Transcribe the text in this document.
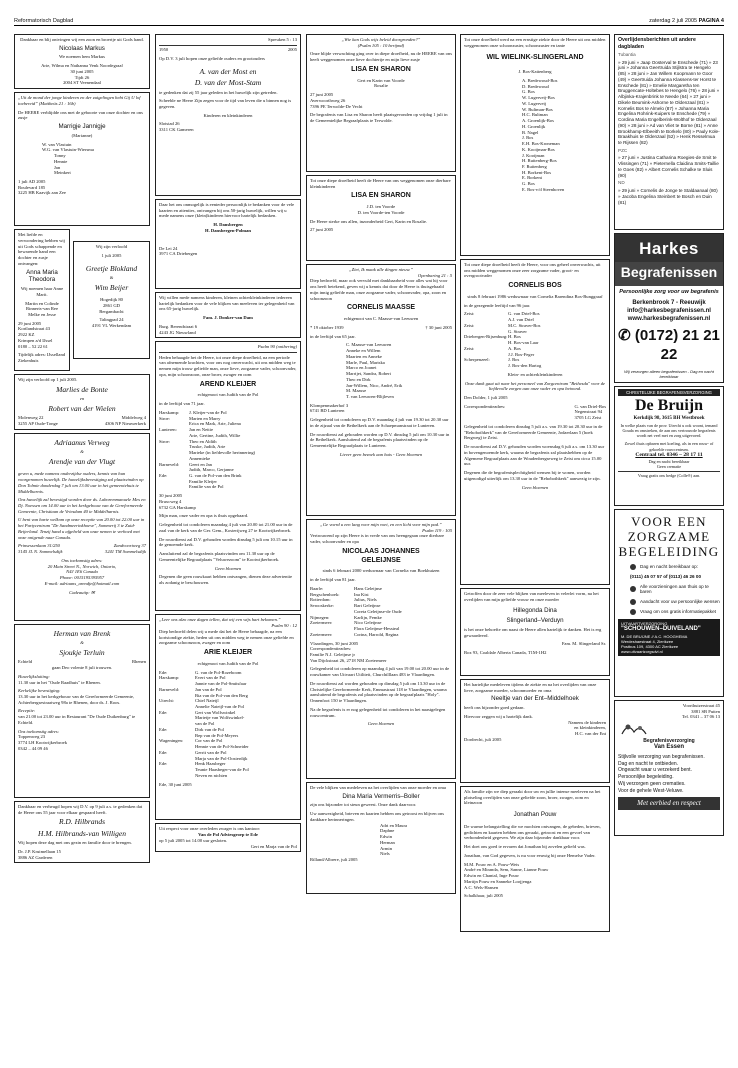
Reformatorisch Dagblad	zaterdag 2 juli 2005 PAGINA 4

Dankbaar en blij ontvingen wij een zoon en broertje uit Gods hand.

Nicolaas Markus

We noemen hem Markus

Arie, Wilma en Nathanna Venk Noordegraaf

30 juni 2005

Tijdt 26

2004 ST Veenendaal

„Uit de mond der jonge kinderen en der zuigelingen hebt Gij U lof toebereid” (Mattheüs 21 : 16b)

De HEERE verblijdde ons met de geboorte van onze dochter en ons zusje

Marrigje Jannigje

(Marianne)

W. van Vlastuin
W.G. van Vlastuin-Wiersma

Tonny
Hennie
Jan
Meinkert

1 juli AD 2005

Boulevard 185
3225 HB Kaavijk aan Zee

Met liefde en verwondering hebben wij uit Gods schappende en bewarende hand een dochter en zusje ontvangen:

Anna Maria Theodora

Wij noemen haar Anne Marit.

Martin en Colinde Rinnerts-van Ree
Melke en Jesse

29 juni 2005

Kortlandstraat 43
2922 KZ
Krimpen a/d IJssel
0180 – 52 22 61

Tijdelijk adres: IJsselland Ziekenhuis

Wij zijn verloofd

1 juli 2005

Greetje Blokland

&

Wim Beijer

Hogedijk 80
2861 GD
Bergambacht

Talingpad 24
4191 VL Werkendam

Wij zijn verloofd op 1 juli 2005.

Marlies de Bonte

en

Robert van der Wielen

Molenweg 22
3255 AP Oude-Tonge

Middelweg 4
4306 NP Nieuwerkerk

Adriaanus Verweg

&

Arendje van der Vlugt

geven u, mede namens onderzijdse ouders, kennis van hun voorgenomen huwelijk. De huwelijksbevestiging zal plaatsvinden op Don Tolmie donderdag 7 juli om 13.00 uur in het gemeentehuis te Middelharnis.

Ons huwelijk zal bevestigd worden door ds. Laboremmanuele Mes en Dj. Noessen om 14.00 uur in het kerkgebouw van de Gereformeerde Gemeente, Christiaan de Vriesdam 40 te Middelharnis.

U bent van harte welkom op onze receptie van 20.00 tot 22.00 uur in het Partycentrum "De Sandmeerinkhoeve", Sommerij 3 te Zuid-Beijerland. Tenzij hand u afgebeld van onze nemen te verhoed met onze onigende naar Canada.

Prinsessenlaan 31/250
3145 JL N. Sommelsdijk

Zandvoortweg 37
3241 TM Sommelsdijk

Ons toekomstig adres:

20 Main Street N., Norwich, Ontario,
N4J 1E6 Canada
Phone: 0015195395957
E-mail: adriaans_arendje@hotmail.com

Cadeautip: ✉

Herman van Brenk

&

Sjoukje Terluin

Echteld	Rhenen

gaan Deo volente 8 juli trouwen.

Huwelijksluiting:

11.30 uur in het "Oude Raadhuis" te Rhenen.

Kerkelijke bevestiging:

13.30 uur in het kerkgebouw van de Gereformeerde Gemeente, Achterbergsestraatweg 98a te Rhenen, door ds. J. Roos.

Receptie:

van 21.00 tot 23.00 uur in Restaurant "De Oude Duikenburg" te Echteld.

Ons toekomstig adres:

Toppenweg 23
3774 LH Kootwijkerbroek
0342 – 44 09 46

Dankbaar en verheugd hopen wij D.V. op 9 juli a.s. te gedenken dat de Heere ons 55 jaar voor elkaar gespaard heeft.

R.D. Hilbrands

H.M. Hilbrands-van Willigen

Wij hopen deze dag met ons gezin en familie door te brengen.

Dr. J.P. Kruimellaan 15
3886 AZ Garderen

Spreuken 5 : 13

1950	2005

Op D.V. 3 juli hopen onze geliefde ouders en grootouders

A. van der Most en

D. van der Most-Stam

te gedenken dat zij 55 jaar geleden in het huwelijk zijn getreden.

Scheeble ne Heere Zijn zegen voor de tijd van leven die u binnen nog is gegeven.

Kinderen en kleinkinderen

Slotstad 26
3311 CK Gameren

Daar het ons onmogelijk is eenieder persoonlijk te bedanken voor de vele kaarten en attenties, ontvangen bij ons 50-jarig huwelijk, willen wij u mede namens onze (klein)kinderen hiervoor hartelijk bedanken.

H. Dansbergen

H. Dansbergen-Polman

De Lei 24
3971 CA Driebergen

Wij willen mede namens kinderen, kleinen achterkleinkinderen iedereen hartelijk bedanken voor de vele blijken van meeleven ter gelegenheid van ons 65-jarig huwelijk.

Fam. J. Donker-van Dam

Burg. Berendstraat 6
4243 JG Nieuwland

Psalm 90 (ontbering)

Heden behaagde het de Heere, tot onze diepe droefheid, na een periode van afnemende krachten, voor ons nog onverwacht, uit ons midden weg te nemen mijn trouw geliefde man, onze lieve, zorgzame vader, schoonvader, opa, mijn schoonzoon, onze broer, zwager en oom

AREND KLEIJER

echtgenoot van Judith van de Pol

in de leeftijd van 71 jaar.

Harskamp:	J. Kleijer-van de Pol
Stroe:	Marten en Marry
Erica en Mark, Arie, Juliena
Lunteren:	Jan en Nettie
Arie, Gertine, Judith, Willie
Stroe:	Theo en Aldith
Truske, Judith, Arie
Marieke (in liefdevolle herinnering)
Annemieke
Barneveld:	Geert en Jan
Judith, Marco, Gerjanne
Ede:	G. van de Pol-van den Brink
Familie Kleijer
Familie van de Pol

30 juni 2005

Bruxcweg 4
6732 GA Harskamp

Mijn man, onze vader en opa is thuis opgebaard.

Gelegenheid tot condoleren maandag 4 juli van 20.00 tot 21.00 uur in de zaal van de kerk van de Ger. Gem., Kosterijweg 27 te Kootwijkerbroek.

De rouwdienst zal D.V. gehouden worden dinsdag 5 juli om 10.15 uur in de genoemde kerk.

Aansluitend zal de begrafenis plaatsvinden om 11.30 uur op de Gemeentelijke Begraafplaats "Veluwezoom" te Kootwijkerbroek.

Geen bloemen

Degenen die geen rouwkaart hebben ontvangen, dienen deze advertentie als zodanig te beschouwen.

„Leer ons alzo onze dagen tellen, dat wij een wijs hart bekomen.”

Psalm 90 : 12

Diep bedroefd delen wij u mede dat het de Heere behaagde, na een kortstondige ziekte, heden uit ons midden weg te nemen onze geliefde en zorgzame schoonzoon, zwager en oom

ARIE KLEIJER

echtgenoot van Judith van de Pol

Ede:	G. van de Pol-Rozeboom
Harskamp:	Evert van de Pol
Jannie van de Pol-Smitsfaar
Barneveld:	Jan van de Pol
Bia van de Pol-van den Berg
Utrecht:	Chiel Nateijl
Annelie Nateijl-van de Pol
Ede:	Gert van Wolfswinkel
Marietje van Wolfswinkel-
van de Pol
Ede:	Dirk van de Pol
Bep van de Pol-Meyers
Wageningen:	Cor van de Pol
Hennie van de Pol-Schneider
Ede:	Gerrit van de Pol
Marja van de Pol-Oosterdijk
Ede:	Henk Haasbeger
Teunie Haasbeger-van de Pol
Neven en nichten

Ede, 30 juni 2005

Uit respect voor onze overleden zwager is ons kantoor:

Van de Pol Adviesgroep te Ede

op 5 juli 2005 tot 14.00 uur gesloten.

Gert en Marja van de Pol

„Wie kan Gods wijs beleid doorgronden?”

(Psalm 105 : 10 berijmd)

Onze blijde verwachting ging over in diepe droefheid, nu de HEERE van ons heeft weggenomen onze lieve dochtertje en mijn lieve zusje

LISA EN SHARON

Gert en Karin van Voorde
Rosalie

27 juni 2005

Averwoorthweg 26
7396 PE Terwolde-De Vecht

De begrafenis van Lisa en Sharon heeft plaatsgevonden op vrijdag 1 juli in de Gemeentelijke Begraafplaats te Terwolde.

Tot onze diepe droefheid heeft de Heere van ons weggenomen onze dierbare kleinkinderen

LISA EN SHARON

J.D. ten Voorde
D. ten Voorde-ten Voorde

De Heere sterke ons allen, inzonderheid Gert, Karin en Rosalie.

27 juni 2005

„Ziet, Ik maak alle dingen nieuw.”

Openbaring 21 : 5

Diep bedroefd, maar ook vervuld met dankbaarheid voor alles wat hij voor ons heeft betekend, geven wij u kennis dat door de Heere is thuisgehaald mijn innig geliefde man, onze zorgzame vader, schoonvader, opa, zoon en schoonzoon

CORNELIS MAASSE

echtgenoot van C. Maasse-van Leeuwen

* 19 oktober 1939	† 30 juni 2005

in de leeftijd van 65 jaar.

C. Maasse-van Leeuwen
Anneke en Willem
Maarten en Anneke
Marle, Paul, Mariska
Marco en Joanet
Marrijet, Sandra, Robert
Theo en Dirk
Jan-Willem, Nico, André, Erik
M. Maasse
T. van Leeuwen-Blijleven

Klompenmakerhof 3
6741 BD Lunteren

Gelegenheid tot condoleren op D.V. maandag 4 juli van 19.30 tot 20.30 uur in de zijzaal van de Bethelkerk aan de Schaepmanstraat te Lunteren.

De rouwdienst zal gehouden worden op D.V. dinsdag 5 juli om 10.30 uur in de Bethelkerk. Aansluitend zal de begrafenis plaatsvinden op de Gemeentelijke Begraafplaats te Lunteren.

Liever geen bezoek aan huis - Geen bloemen

„Ge voerd u een lang voor mijn voet, en een licht voor mijn pad.”

Psalm 119 : 105

Vertrouwend op zijn Heere is in vrede van ons heengegaan onze dierbare vader, schoonvader en opa

NICOLAAS JOHANNES

GELEIJNSE

sinds 6 februari 2000 weduwnaar van Cornelia van Boekhuizen

in de leeftijd van 81 jaar.

Baarle:	Hans Geleijnse
Bergschenhoek:	Ina Kist
Rotterdam:	Julius, Niels
Serooskerke:	Bart Geleijnse
Coreta Geleijnse-de Oude
Nijmegen:	Karlijn, Femke
Zoetermeer:	Nico Geleijnse
Flora Geleijnse-Hessteal
Zoetermeer:	Corina, Harrold, Regina

Vlaardingen, 30 juni 2005

Correspondentieadres:
Familie N.J. Geleijnse jr
Van Dijckstraat 26, 2718 NM Zoetermeer

Gelegenheid tot condoleren op maandag 4 juli van 19.00 tot 20.00 uur in de rouwkamer van Uitvaart Utiliteit, Churchilllaan 483 te Vlaardingen.

De rouwdienst zal worden gehouden op dinsdag 5 juli om 13.30 uur in de Christelijke Gereformeerde Kerk, Emmastraat 118 te Vlaardingen, waarna aansluitend de begrafenis zal plaatsvinden op de begraafplaats "Holy". Onnenfoot 150 te Vlaardingen.

Na de begrafenis is er nog gelegenheid tot condoleren in het naastgelegen rouwcentrum.

Geen bloemen

De vele blijken van medeleven na het overlijden van onze moeder en oma

Dina Maria Vermerris–Boller

zijn ons bijzonder tot steun geweest. Onze dank daarvoor.

Uw aanwezigheid, brieven en kaarten hebben ons getroost en blijven ons dankbare herinneringen.

Adri en Maura
Daphne
Edwin
Herman
Armin
Niels

Rilland/Albrere, juli 2005

Tot onze droefheid werd na een ernstige ziekte door de Heere uit ons midden weggenomen onze schoonzuster, schoonzuster en tante

WIL WIELINK-SLINGERLAND

J. Bos-Kattenberg

A. Bredewoud-Bos
D. Bredewoud
G. Bos
W. Lugerveij-Bos
W. Lugerveij
W. Bultman-Bos
H.C. Bultman
A. Groenlijk-Bos
H. Groenlijk
B. Nagel
J. Bos
E.H. Bos-Kroneman
K. Kooijman-Bos
J. Kooijman
H. Ruitenberg-Bos
F. Ruitenberg
H. Borkent-Bos
E. Borkent
G. Bos
E. Bos-v/d Steenhoven

Tot onze diepe droefheid heeft de Heere, voor ons geheel onverwachts, uit ons midden weggenomen onze zeer zorgzame vader, groot- en overgrootvader

CORNELIS BOS

sinds 8 februari 1986 weduwnaar van Cornelia Barendina Bos-Bunggraaf

in de gezegende leeftijd van 96 jaar.

Zeist:	G. van Driel-Bos
A.J. van Driel
Zeist:	M.C. Straver-Bos
G. Straver
Driebergen-Rijsenburg: H. Bos
H. Bos-van Laar
Zeist:	A. Bos
J.J. Bos-Feger
Scherpenzeel:	J. Bos
J. Bos-den Hartog

Klein- en achterkleinkinderen

Onze dank gaat uit naar het personeel van Zorgcentrum "Bethesda" voor de liefdevolle zorgen aan onze vader en opa betoond.

Den Dolder, 1 juli 2005

Correspondentieadres:	G. van Driel-Bos
Negenstraat 94
3705 LG Zeist

Gelegenheid tot condoleren dinsdag 5 juli a.s. van 19.30 tot 20.30 uur in de "Rehobothkerk" van de Gereformeerde Gemeente, Jodaerlaan 5 (hoek Bergweg) te Zeist.

De rouwdienst zal D.V. gehouden worden woensdag 6 juli a.s. om 13.30 uur in bovengenoemde kerk, waarna de begrafenis zal plaatshebben op de Algemene Begraafplaats aan de Woudenbergseweg te Zeist om circa 15.00 uur.

Degenen die de begrafenisplechtigheid wensen bij te wonen, worden uitgenodigd uiterlijk om 13.30 uur in de "Rehobothkerk" aanwezig te zijn.

Geen bloemen

Getroffen door de zeer vele blijken van meeleven in velerlei vorm, na het overlijden van mijn geliefde vrouw en onze moeder

Hillegonda Dina

Slingerland–Verduyn

is het onze behoefte om naast de Heere allen hartelijk te danken. Het is erg gewaardeerd.

Fam. M. Slingerland Sr.

Box 93, Coaldale Alberta Canada, T1M-1H2

Het hartelijke medeleven tijdens de ziekte en na het overlijden van onze lieve, zorgzame moeder, schoonmoeder en oma

Neeltje van der Ent–Middelhoek

heeft ons bijzonder goed gedaan.

Hiervoor zeggen wij u hartelijk dank.

Namens de kinderen
en kleinkinderen,
H.C. van der Ent

Dordrecht, juli 2005

Als familie zijn we diep geraakt door uw en jullie intense meeleven na het plotseling overlijden van onze geliefde zoon, broer, zwager, oom en kleinzoon

Jonathan Pouw

De warme belangstelling die we mochten ontvangen, de gebeden, brieven, gedichten en kaarten hebben ons geraakt, getroost en een gevoel van verbondenheid gegeven. We zijn daar bijzonder dankbaar voor.

Het doet ons goed te ervaren dat Jonathan bij zovelen geliefd was.

Jonathan, van God gegeven, is nu voor eeuwig bij onze Hemelse Vader.

M.M. Pouw en A. Pouw-Weis
André en Miranda, Sem, Sanne, Lianne Pouw
Edwin en Chantal, Inge Pouw
Martijn Pouw en Sanneke Loojjenga
A.C. Wels-Hansen

Schalkhaar, juli 2005

Overlijdensberichten uit andere dagbladen

Tubantia

» 29 juni » Jaap Oosterval te Enschede (71) » 23 juni » Johanna Geertruida Stijlstra te Hengelo (85) » 28 juni » Jan Willem Koopmann te Goor (49) » Geertruida Johanna Klassens-ter Horst te Enschede (81) » Emelie Margaretha ten Bruggencate-Holtebes te Hengelo (76) » 28 juni » Albjinka-Krajenbrink te Neede (64) » 27 juni » Dikele Beumink-Ashorne te Oldenzaal (81) » Kornelis Bos te Almelo (87) » Johanna Maria Engelina Rohrink-Kuipers te Enschede (79) » Cordina Maria Engelberink-Wolthof te Oldenzaal (90) » 28 juni » Ad van Vliet te Borne (81) » Anne Brookhamp-Elbeeith te Borkelo (80) » Pauly Kole-Braakhuis te Oldenzaal (52) » Henk Resselmua te Rijssen (82)

PZC

» 27 juni » Justina Catharina Roegies-de Smit te Vlissingen (71) » Pieternella Claidina Smits-Taillie te Goes (82) » Albert Cornelis Schalke te Sluis (90)

ND

» 29 juni » Cornelis de Jonge te Staldaanaal (80) » Jacoba Engelina Steinbert te Bosch en Duin (81)

Harkes
Begrafenissen
Persoonlijke zorg voor uw begrafenis

Berkenbrook 7 - Reeuwijk

info@harkesbegrafenissen.nl

www.harkesbegrafenissen.nl

✆ (0172) 21 21 22
Wij verzorgen alleen begrafenissen - Dag en nacht bereikbaar
CHRISTELIJKE BEGRAFENISVERZORGING

De Bruijn

Kerkdijk 98, 3615 BH Westbroek

In welke plaats van de prov. Utrecht u ook woont, iemand Gouda en omstreken, de aan ons vertrouwde begrafenis wordt net veel met en zorg uitgevoerd.

Zowel thuis opbaren met koeling, als in een rouw- of gekoelde rouwcentrum.

Centraal tel. 0346 – 28 17 11

Dag en nacht bereikbaar
Geen crematie

Vraag gratis ons bedge (Colle®) aan.

VOOR EEN
ZORGZAME
BEGELEIDING

Dag en nacht bereikbaar op:
(0111) 45 07 57 of (0113) 46 26 00
Alle voorzieningen aan thuis op te baren
Aandacht voor uw persoonlijke wensen
Vraag om ons gratis informatiepakket

UITVAARTVERZORGING

"SCHOUWEN–DUIVELAND"

M. DE BRUIJNE // A.C. HOOGHEMA

Werdeshaestraat 4, Zierikzee

Postbus 109, 4300 AC Zierikzee

www.uitvaartzorgsdvi.nl

Voorthuizerstraat 45
3881 SB Putten
Tel. 0341 – 37 06 13

Begrafenisverzorging

Van Essen

Stijlvolle verzorging van begrafenissen.
Dag en nacht te ontbieden.
Ongeacht waar u verzekerd bent.
Persoonlijke begeleiding.
Wij verzorgen geen crematies.
Voor de gehele West-Veluwe.

Met eerbied en respect
